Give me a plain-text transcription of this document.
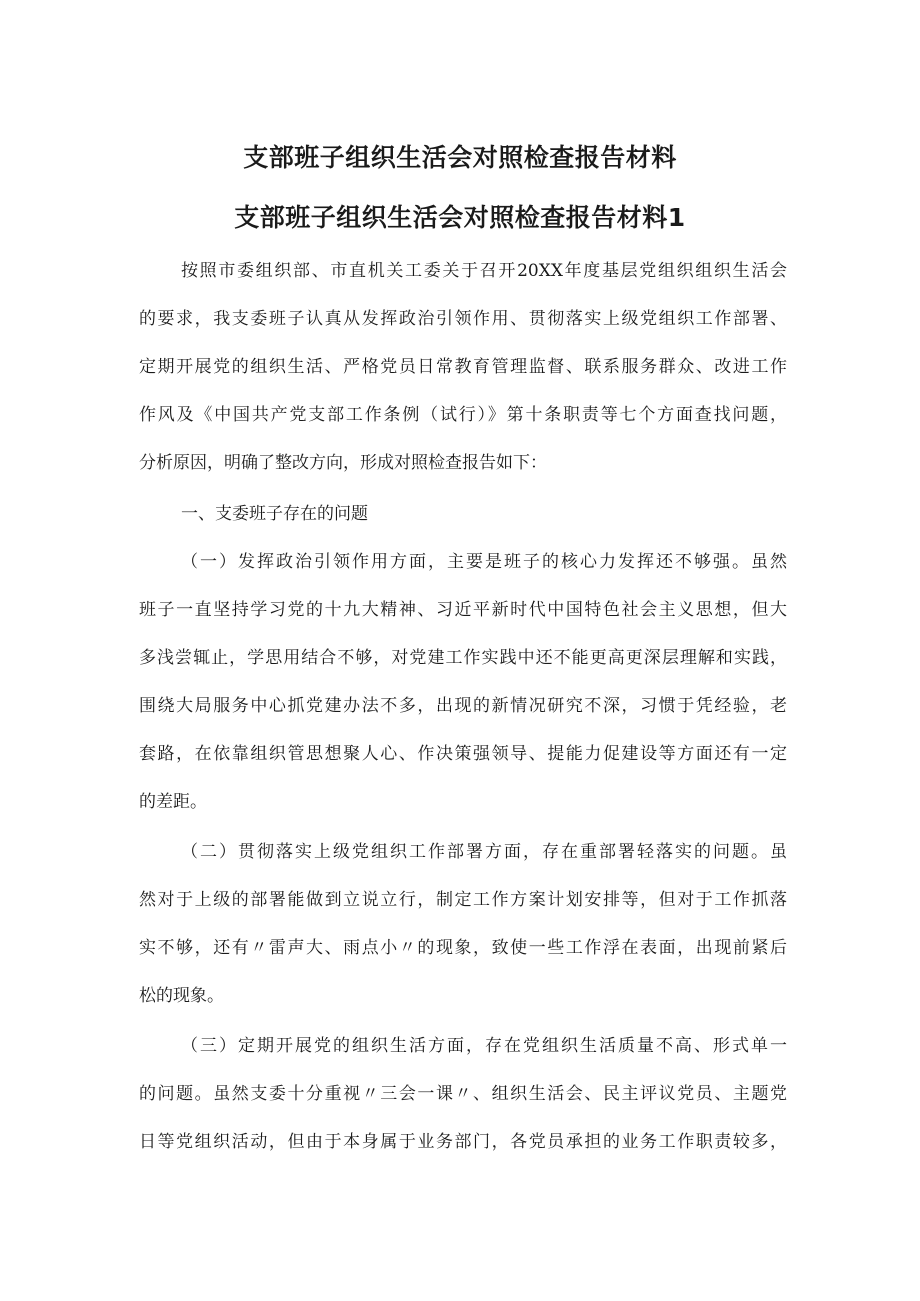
支部班子组织生活会对照检查报告材料
支部班子组织生活会对照检查报告材料1
按照市委组织部、市直机关工委关于召开20XX年度基层党组织组织生活会
的要求，我支委班子认真从发挥政治引领作用、贯彻落实上级党组织工作部署、
定期开展党的组织生活、严格党员日常教育管理监督、联系服务群众、改进工作
作风及《中国共产党支部工作条例（试行）》第十条职责等七个方面查找问题，
分析原因，明确了整改方向，形成对照检查报告如下：
一、支委班子存在的问题
（一）发挥政治引领作用方面，主要是班子的核心力发挥还不够强。虽然
班子一直坚持学习党的十九大精神、习近平新时代中国特色社会主义思想，但大
多浅尝辄止，学思用结合不够，对党建工作实践中还不能更高更深层理解和实践，
围绕大局服务中心抓党建办法不多，出现的新情况研究不深，习惯于凭经验，老
套路，在依靠组织管思想聚人心、作决策强领导、提能力促建设等方面还有一定
的差距。
（二）贯彻落实上级党组织工作部署方面，存在重部署轻落实的问题。虽
然对于上级的部署能做到立说立行，制定工作方案计划安排等，但对于工作抓落
实不够，还有〃雷声大、雨点小〃的现象，致使一些工作浮在表面，出现前紧后
松的现象。
（三）定期开展党的组织生活方面，存在党组织生活质量不高、形式单一
的问题。虽然支委十分重视〃三会一课〃、组织生活会、民主评议党员、主题党
日等党组织活动，但由于本身属于业务部门，各党员承担的业务工作职责较多，
